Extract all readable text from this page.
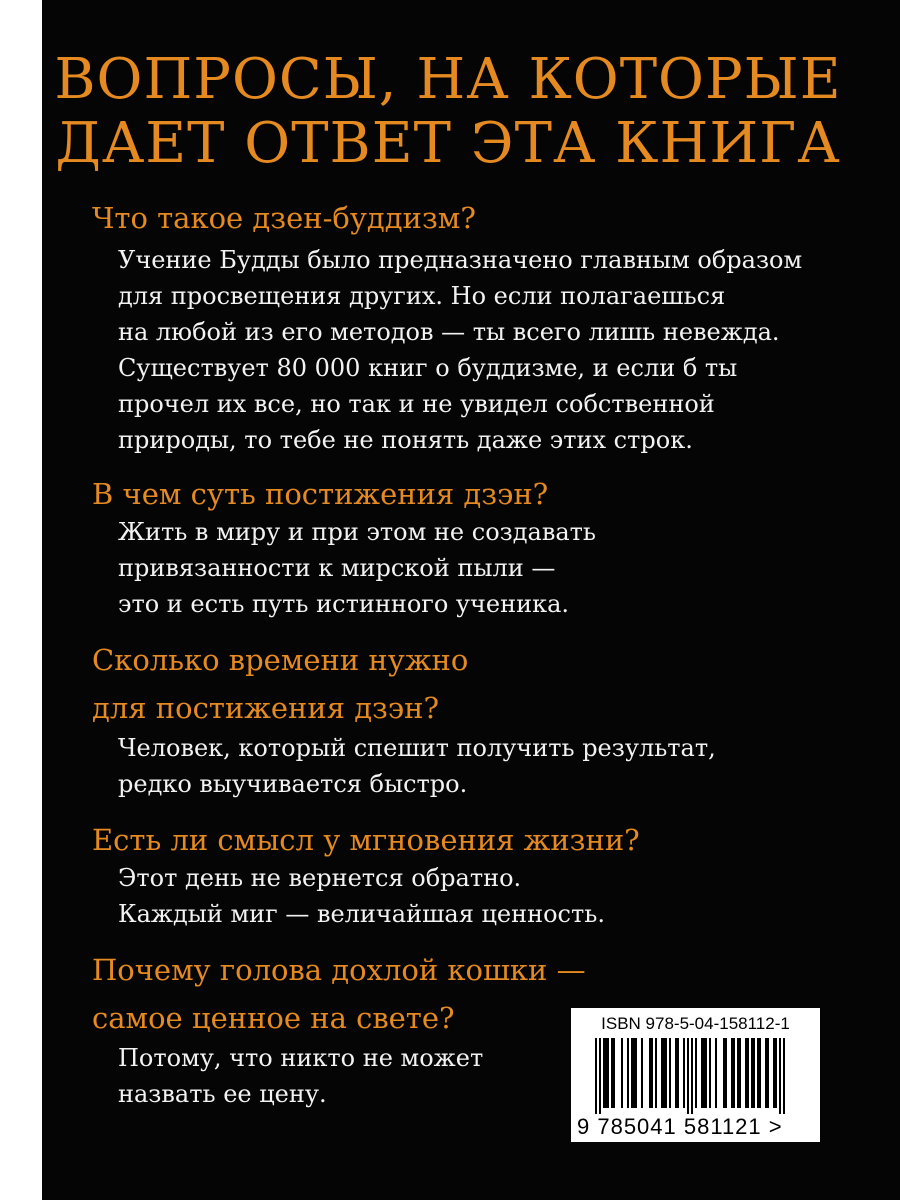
ВОПРОСЫ, НА КОТОРЫЕ
ДАЕТ ОТВЕТ ЭТА КНИГА
Что такое дзен-буддизм?
Учение Будды было предназначено главным образом
для просвещения других. Но если полагаешься
на любой из его методов — ты всего лишь невежда.
Существует 80 000 книг о буддизме, и если б ты
прочел их все, но так и не увидел собственной
природы, то тебе не понять даже этих строк.
В чем суть постижения дзэн?
Жить в миру и при этом не создавать
привязанности к мирской пыли —
это и есть путь истинного ученика.
Сколько времени нужно
для постижения дзэн?
Человек, который спешит получить результат,
редко выучивается быстро.
Есть ли смысл у мгновения жизни?
Этот день не вернется обратно.
Каждый миг — величайшая ценность.
Почему голова дохлой кошки —
самое ценное на свете?
Потому, что никто не может
назвать ее цену.
ISBN 978-5-04-158112-1
9 785041 581121 >
